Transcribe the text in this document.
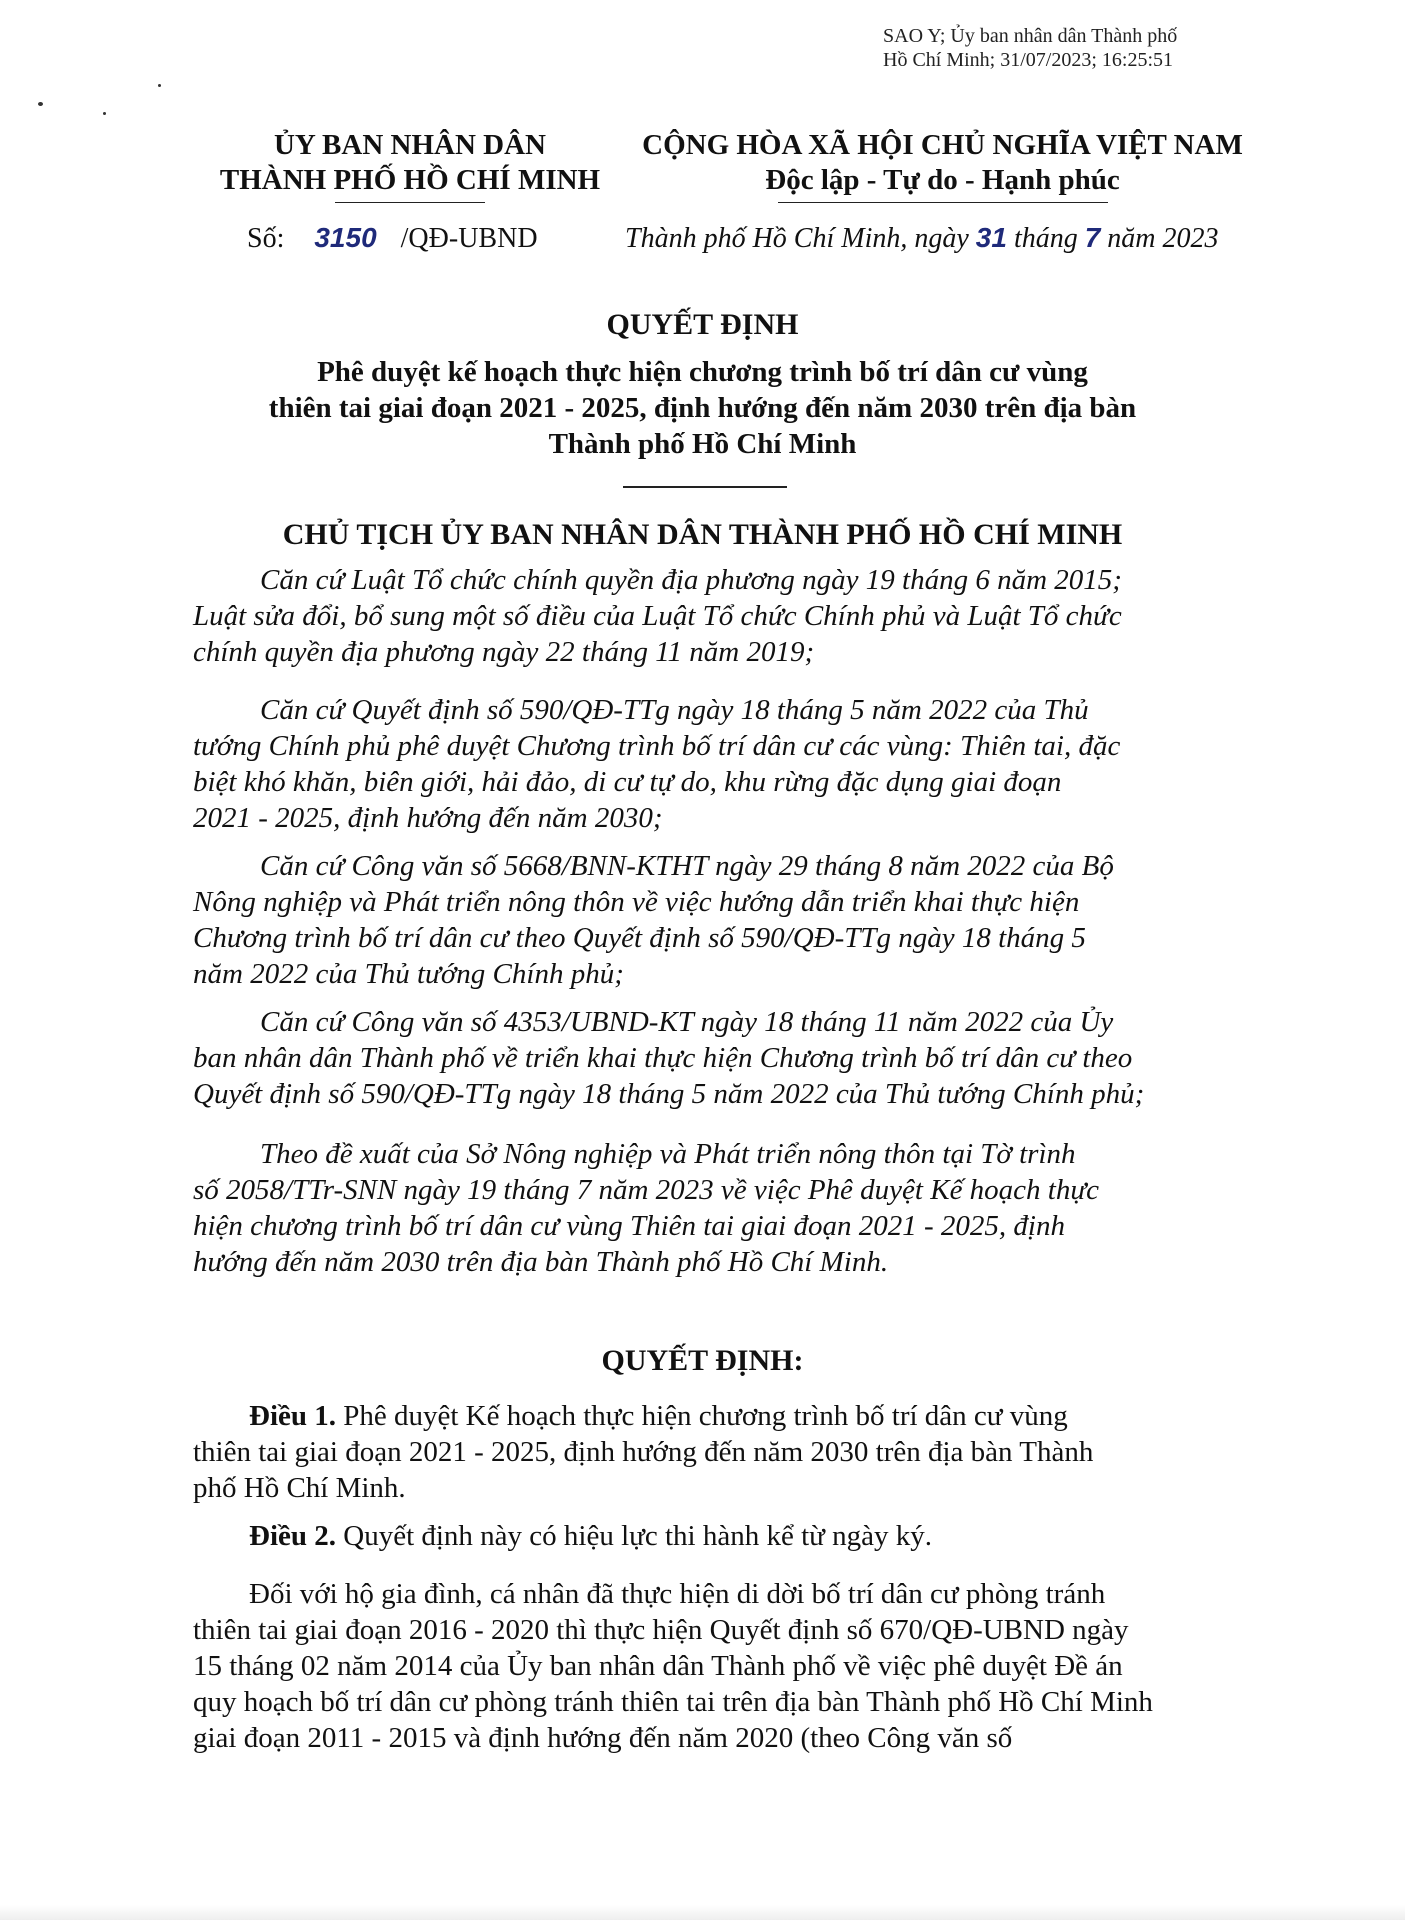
SAO Y; Ủy ban nhân dân Thành phố
Hồ Chí Minh; 31/07/2023; 16:25:51
ỦY BAN NHÂN DÂN
THÀNH PHỐ HỒ CHÍ MINH
CỘNG HÒA XÃ HỘI CHỦ NGHĨA VIỆT NAM
Độc lập - Tự do - Hạnh phúc
Số: 3150 /QĐ-UBND	Thành phố Hồ Chí Minh, ngày 31 tháng 7 năm 2023
QUYẾT ĐỊNH
Phê duyệt kế hoạch thực hiện chương trình bố trí dân cư vùng
thiên tai giai đoạn 2021 - 2025, định hướng đến năm 2030 trên địa bàn
Thành phố Hồ Chí Minh
CHỦ TỊCH ỦY BAN NHÂN DÂN THÀNH PHỐ HỒ CHÍ MINH
Căn cứ Luật Tổ chức chính quyền địa phương ngày 19 tháng 6 năm 2015;
Luật sửa đổi, bổ sung một số điều của Luật Tổ chức Chính phủ và Luật Tổ chức
chính quyền địa phương ngày 22 tháng 11 năm 2019;
Căn cứ Quyết định số 590/QĐ-TTg ngày 18 tháng 5 năm 2022 của Thủ
tướng Chính phủ phê duyệt Chương trình bố trí dân cư các vùng: Thiên tai, đặc
biệt khó khăn, biên giới, hải đảo, di cư tự do, khu rừng đặc dụng giai đoạn
2021 - 2025, định hướng đến năm 2030;
Căn cứ Công văn số 5668/BNN-KTHT ngày 29 tháng 8 năm 2022 của Bộ
Nông nghiệp và Phát triển nông thôn về việc hướng dẫn triển khai thực hiện
Chương trình bố trí dân cư theo Quyết định số 590/QĐ-TTg ngày 18 tháng 5
năm 2022 của Thủ tướng Chính phủ;
Căn cứ Công văn số 4353/UBND-KT ngày 18 tháng 11 năm 2022 của Ủy
ban nhân dân Thành phố về triển khai thực hiện Chương trình bố trí dân cư theo
Quyết định số 590/QĐ-TTg ngày 18 tháng 5 năm 2022 của Thủ tướng Chính phủ;
Theo đề xuất của Sở Nông nghiệp và Phát triển nông thôn tại Tờ trình
số 2058/TTr-SNN ngày 19 tháng 7 năm 2023 về việc Phê duyệt Kế hoạch thực
hiện chương trình bố trí dân cư vùng Thiên tai giai đoạn 2021 - 2025, định
hướng đến năm 2030 trên địa bàn Thành phố Hồ Chí Minh.
QUYẾT ĐỊNH:
Điều 1. Phê duyệt Kế hoạch thực hiện chương trình bố trí dân cư vùng
thiên tai giai đoạn 2021 - 2025, định hướng đến năm 2030 trên địa bàn Thành
phố Hồ Chí Minh.
Điều 2. Quyết định này có hiệu lực thi hành kể từ ngày ký.
Đối với hộ gia đình, cá nhân đã thực hiện di dời bố trí dân cư phòng tránh
thiên tai giai đoạn 2016 - 2020 thì thực hiện Quyết định số 670/QĐ-UBND ngày
15 tháng 02 năm 2014 của Ủy ban nhân dân Thành phố về việc phê duyệt Đề án
quy hoạch bố trí dân cư phòng tránh thiên tai trên địa bàn Thành phố Hồ Chí Minh
giai đoạn 2011 - 2015 và định hướng đến năm 2020 (theo Công văn số
